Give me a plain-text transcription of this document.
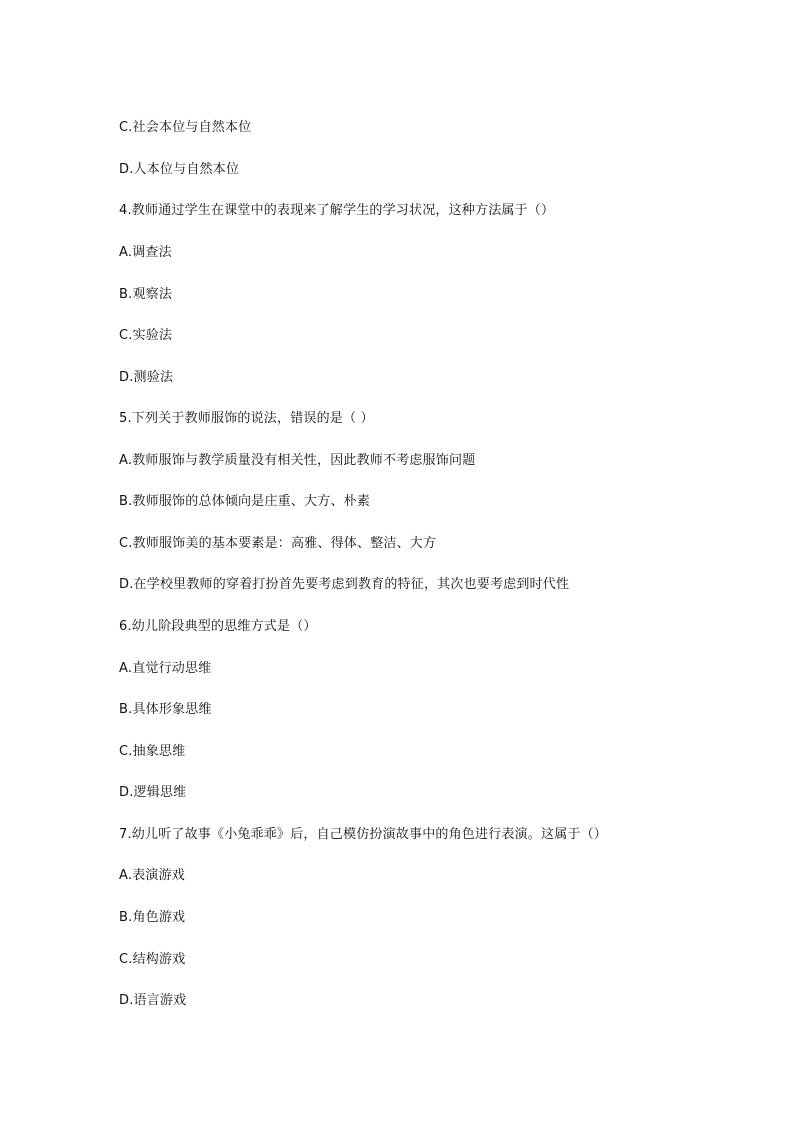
C.社会本位与自然本位
D.人本位与自然本位
4.教师通过学生在课堂中的表现来了解学生的学习状况，这种方法属于（）
A.调查法
B.观察法
C.实验法
D.测验法
5.下列关于教师服饰的说法，错误的是（ ）
A.教师服饰与教学质量没有相关性，因此教师不考虑服饰问题
B.教师服饰的总体倾向是庄重、大方、朴素
C.教师服饰美的基本要素是：高雅、得体、整洁、大方
D.在学校里教师的穿着打扮首先要考虑到教育的特征，其次也要考虑到时代性
6.幼儿阶段典型的思维方式是（）
A.直觉行动思维
B.具体形象思维
C.抽象思维
D.逻辑思维
7.幼儿听了故事《小兔乖乖》后，自己模仿扮演故事中的角色进行表演。这属于（）
A.表演游戏
B.角色游戏
C.结构游戏
D.语言游戏
